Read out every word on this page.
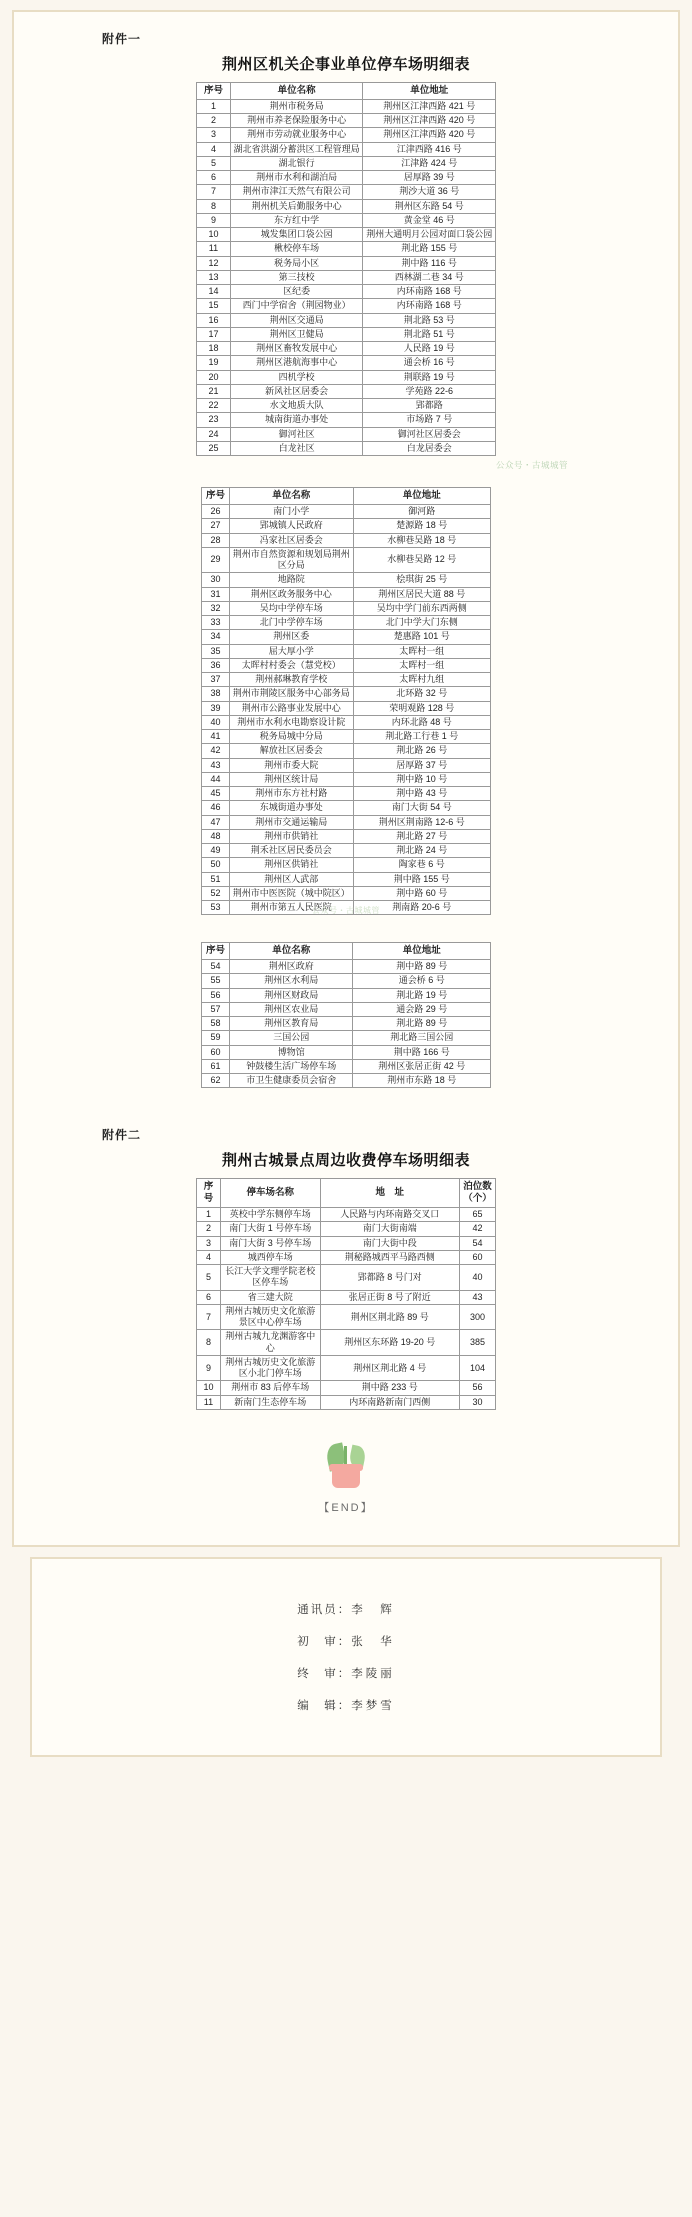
附件一
荆州区机关企事业单位停车场明细表
序号	单位名称	单位地址
1	荆州市税务局	荆州区江津西路 421 号
2	荆州市养老保险服务中心	荆州区江津西路 420 号
3	荆州市劳动就业服务中心	荆州区江津西路 420 号
4	湖北省洪湖分蓄洪区工程管理局	江津西路 416 号
5	湖北银行	江津路 424 号
6	荆州市水利和湖泊局	居厚路 39 号
7	荆州市津江天然气有限公司	荆沙大道 36 号
8	荆州机关后勤服务中心	荆州区东路 54 号
9	东方红中学	黄金堂 46 号
10	城发集团口袋公园	荆州大通明月公园对面口袋公园
11	楸校停车场	荆北路 155 号
12	税务局小区	荆中路 116 号
13	第三技校	西林湖二巷 34 号
14	区纪委	内环南路 168 号
15	西门中学宿舍（荆园物业）	内环南路 168 号
16	荆州区交通局	荆北路 53 号
17	荆州区卫健局	荆北路 51 号
18	荆州区畜牧发展中心	人民路 19 号
19	荆州区港航海事中心	通会桥 16 号
20	四机学校	荆联路 19 号
21	新风社区居委会	学苑路 22-6
22	水文地质大队	郢都路
23	城南街道办事处	市场路 7 号
24	御河社区	御河社区居委会
25	白龙社区	白龙居委会
公众号・古城城管
序号	单位名称	单位地址
26	南门小学	御河路
27	郢城镇人民政府	楚源路 18 号
28	冯家社区居委会	水柳巷吴路 18 号
29	荆州市自然资源和规划局荆州区分局	水柳巷吴路 12 号
30	地路院	桧琪街 25 号
31	荆州区政务服务中心	荆州区居民大道 88 号
32	吴均中学停车场	吴均中学门前东西两侧
33	北门中学停车场	北门中学大门东侧
34	荆州区委	楚惠路 101 号
35	屈大厚小学	太晖村一组
36	太晖村村委会（慧党校）	太晖村一组
37	荆州郝琳教育学校	太晖村九组
38	荆州市荆陵区服务中心部务局	北环路 32 号
39	荆州市公路事业发展中心	荣明观路 128 号
40	荆州市水利水电勘察设计院	内环北路 48 号
41	税务局城中分局	荆北路工行巷 1 号
42	解放社区居委会	荆北路 26 号
43	荆州市委大院	居厚路 37 号
44	荆州区统计局	荆中路 10 号
45	荆州市东方社村路	荆中路 43 号
46	东城街道办事处	南门大街 54 号
47	荆州市交通运输局	荆州区荆南路 12-6 号
48	荆州市供销社	荆北路 27 号
49	荆禾社区居民委员会	荆北路 24 号
50	荆州区供销社	陶家巷 6 号
51	荆州区人武部	荆中路 155 号
52	荆州市中医医院（城中院区）	荆中路 60 号
53	荆州市第五人民医院	荆南路 20-6 号
公众号・古城城管
序号	单位名称	单位地址
54	荆州区政府	荆中路 89 号
55	荆州区水利局	通会桥 6 号
56	荆州区财政局	荆北路 19 号
57	荆州区农业局	通会路 29 号
58	荆州区教育局	荆北路 89 号
59	三国公园	荆北路三国公园
60	博物馆	荆中路 166 号
61	钟鼓楼生活广场停车场	荆州区张居正街 42 号
62	市卫生健康委员会宿舍	荆州市东路 18 号
附件二
荆州古城景点周边收费停车场明细表
序号	停车场名称	地　址	泊位数（个）
1	英校中学东侧停车场	人民路与内环南路交叉口	65
2	南门大街 1 号停车场	南门大街南端	42
3	南门大街 3 号停车场	南门大街中段	54
4	城西停车场	荆秘路城西平马路西侧	60
5	长江大学文理学院老校区停车场	郢都路 8 号门对	40
6	省三建大院	张居正街 8 号了附近	43
7	荆州古城历史文化旅游景区中心停车场	荆州区荆北路 89 号	300
8	荆州古城九龙渊游客中心	荆州区东环路 19-20 号	385
9	荆州古城历史文化旅游区小北门停车场	荆州区荆北路 4 号	104
10	荆州市 83 后停车场	荆中路 233 号	56
11	新南门生态停车场	内环南路新南门西侧	30
【END】
通讯员：李　辉
初　审：张　华
终　审：李陵丽
编　辑：李梦雪
